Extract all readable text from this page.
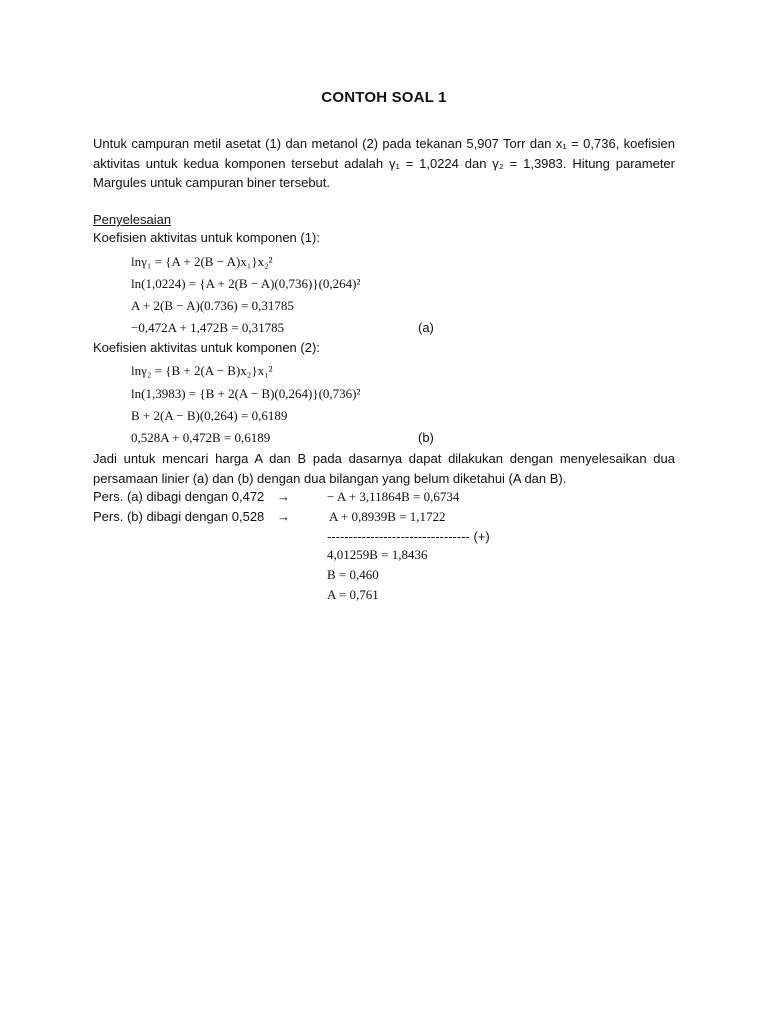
CONTOH SOAL 1
Untuk campuran metil asetat (1) dan metanol (2) pada tekanan 5,907 Torr dan x₁ = 0,736, koefisien aktivitas untuk kedua komponen tersebut adalah γ₁ = 1,0224 dan γ₂ = 1,3983. Hitung parameter Margules untuk campuran biner tersebut.
Penyelesaian
Koefisien aktivitas untuk komponen (1):
lnγ₁ = {A + 2(B − A)x₁}x₂²
ln(1,0224) = {A + 2(B − A)(0,736)}(0,264)²
A + 2(B − A)(0.736) = 0,31785
−0,472A + 1,472B = 0,31785	(a)
Koefisien aktivitas untuk komponen (2):
lnγ₂ = {B + 2(A − B)x₂}x₁²
ln(1,3983) = {B + 2(A − B)(0,264)}(0,736)²
B + 2(A − B)(0,264) = 0,6189
0,528A + 0,472B = 0,6189	(b)
Jadi untuk mencari harga A dan B pada dasarnya dapat dilakukan dengan menyelesaikan dua persamaan linier (a) dan (b) dengan dua bilangan yang belum diketahui (A dan B).
Pers. (a) dibagi dengan 0,472 →	− A + 3,11864B = 0,6734
Pers. (b) dibagi dengan 0,528 →	A + 0,8939B = 1,1722
--------------------------------- (+)
4,01259B = 1,8436
B = 0,460
A = 0,761
